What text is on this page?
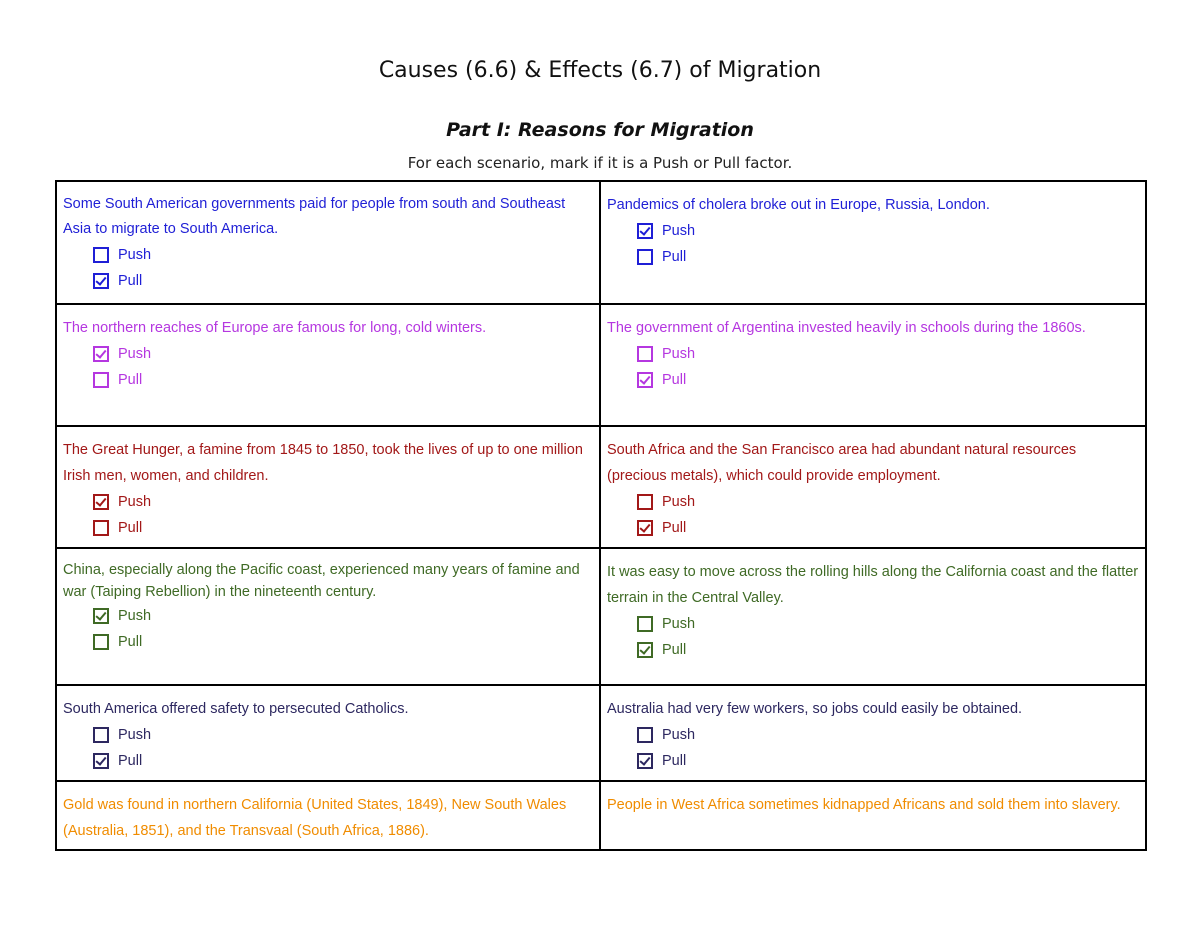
Causes (6.6) & Effects (6.7) of Migration
Part I: Reasons for Migration
For each scenario, mark if it is a Push or Pull factor.
Some South American governments paid for people from south and Southeast Asia to migrate to South America.
Push
Pull
Pandemics of cholera broke out in Europe, Russia, London.
Push
Pull
The northern reaches of Europe are famous for long, cold winters.
Push
Pull
The government of Argentina invested heavily in schools during the 1860s.
Push
Pull
The Great Hunger, a famine from 1845 to 1850, took the lives of up to one million Irish men, women, and children.
Push
Pull
South Africa and the San Francisco area had abundant natural resources (precious metals), which could provide employment.
Push
Pull
China, especially along the Pacific coast, experienced many years of famine and war (Taiping Rebellion) in the nineteenth century.
Push
Pull
It was easy to move across the rolling hills along the California coast and the flatter terrain in the Central Valley.
Push
Pull
South America offered safety to persecuted Catholics.
Push
Pull
Australia had very few workers, so jobs could easily be obtained.
Push
Pull
Gold was found in northern California (United States, 1849), New South Wales (Australia, 1851), and the Transvaal (South Africa, 1886).
People in West Africa sometimes kidnapped Africans and sold them into slavery.
